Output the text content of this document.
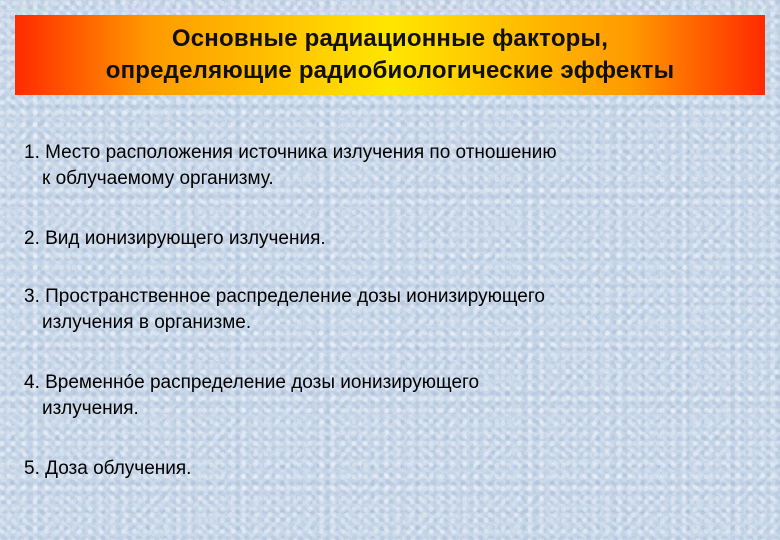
Основные радиационные факторы,
определяющие радиобиологические эффекты
1. Место расположения источника излучения по отношению
к облучаемому организму.
2. Вид ионизирующего излучения.
3. Пространственное распределение дозы ионизирующего
излучения в организме.
4. Временнóе распределение дозы ионизирующего
излучения.
5. Доза облучения.
